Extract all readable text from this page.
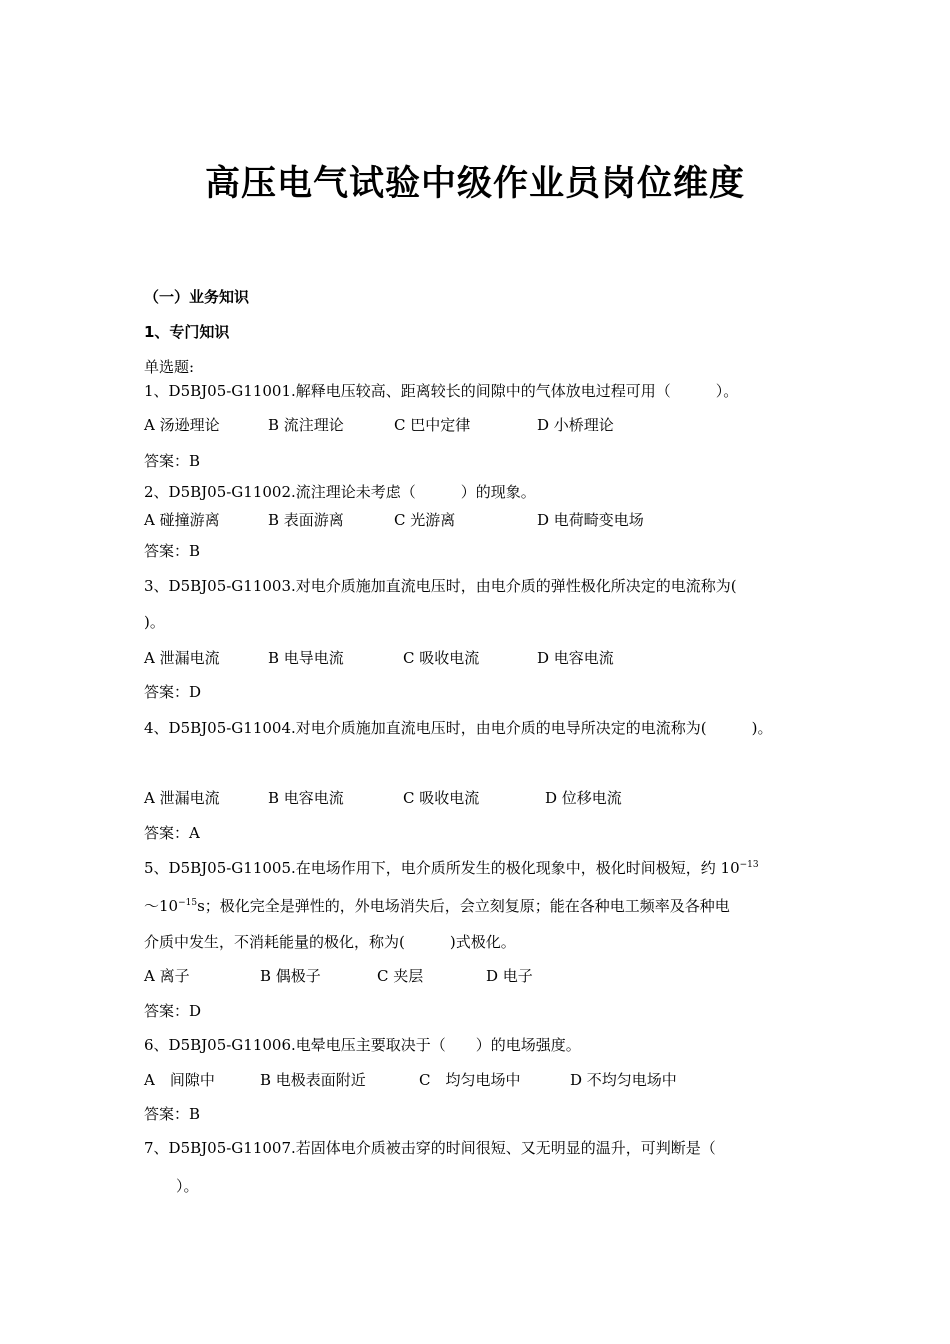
高压电气试验中级作业员岗位维度
（一）业务知识
1、专门知识
单选题:
1、D5BJ05-G11001.解释电压较高、距离较长的间隙中的气体放电过程可用（　　　）。
A 汤逊理论	B 流注理论	C 巴中定律	D 小桥理论
答案：B
2、D5BJ05-G11002.流注理论未考虑（　　　）的现象。
A 碰撞游离	B 表面游离	C 光游离	D 电荷畸变电场
答案：B
3、D5BJ05-G11003.对电介质施加直流电压时，由电介质的弹性极化所决定的电流称为(
)。
A 泄漏电流	B 电导电流	C 吸收电流	D 电容电流
答案：D
4、D5BJ05-G11004.对电介质施加直流电压时，由电介质的电导所决定的电流称为(　　　)。
A 泄漏电流	B 电容电流	C 吸收电流	D 位移电流
答案：A
5、D5BJ05-G11005.在电场作用下，电介质所发生的极化现象中，极化时间极短，约 $10^{-13}$
$\sim 10^{-15}s$；极化完全是弹性的，外电场消失后，会立刻复原；能在各种电工频率及各种电
介质中发生，不消耗能量的极化，称为(　　　)式极化。
A 离子	B 偶极子	C 夹层	D 电子
答案：D
6、D5BJ05-G11006.电晕电压主要取决于（　　）的电场强度。
A　间隙中	B 电极表面附近	C　均匀电场中	D 不均匀电场中
答案：B
7、D5BJ05-G11007.若固体电介质被击穿的时间很短、又无明显的温升，可判断是（
）。
